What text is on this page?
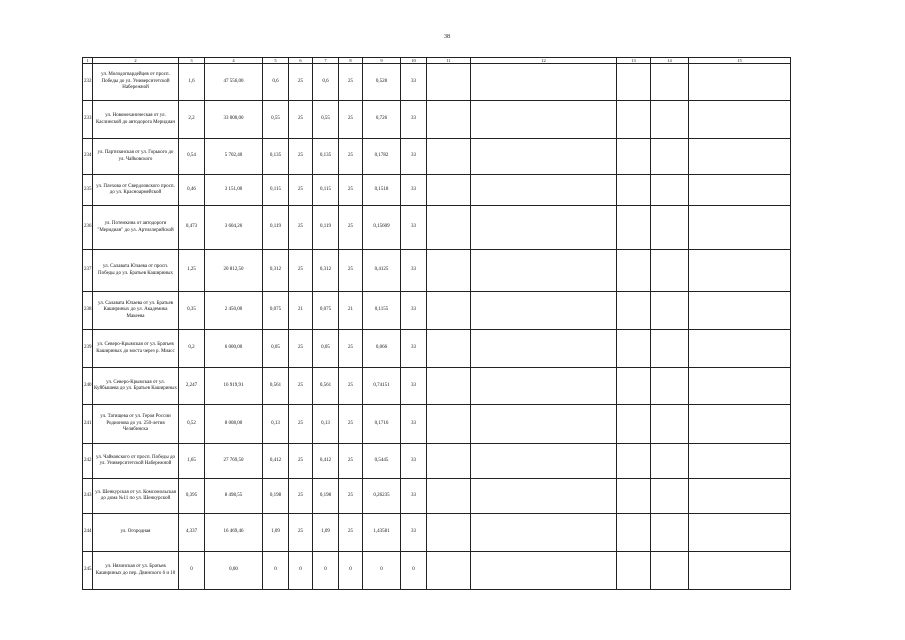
38
1	2	3	4	5	6	7	8	9	10	11	12	13	14	15
232	ул. Молодогвардейцев от просп. Победы до ул. Университетской Набережной	1,6	47 556,00	0,6	25	0,6	25	0,528	33					
233	ул. Новомеханическая от ул. Каслинской до автодорога Меридиан	2,2	33 000,00	0,55	25	0,55	25	0,726	33					
234	ул. Партизанская от ул. Горького до ул. Чайковского	0,54	5 702,40	0,135	25	0,135	25	0,1782	33					
235	ул. Плехова от Свердловского просп. до ул. Красноармейской	0,46	3 151,00	0,115	25	0,115	25	0,1518	33					
236	ул. Потемкина от автодороги "Меридиан" до ул. Артиллерийской	0,473	3 604,26	0,119	25	0,119	25	0,15609	33					
237	ул. Салавата Юлаева от просп. Победы до ул. Братьев Кашириных	1,25	20 812,50	0,312	25	0,312	25	0,4125	33					
238	ул. Салавата Юлаева от ул. Братьев Кашириных до ул. Академика Макеева	0,35	2 450,00	0,075	21	0,075	21	0,1155	33					
239	ул. Северо-Крымская от ул. Братьев Кашириных до моста через р. Миасс	0,2	6 000,00	0,05	25	0,05	25	0,066	33					
240	ул. Северо-Крымская от ул. Куйбышева до ул. Братьев Кашириных	2,247	16 919,91	0,561	25	0,561	25	0,74151	33					
241	ул. Татищева от ул. Героя России Родионова до ул. 250-летия Челябинска	0,52	8 008,00	0,13	25	0,13	25	0,1716	33					
242	ул. Чайковского от просп. Победы до ул. Университетской Набережной	1,65	27 769,50	0,412	25	0,412	25	0,5445	33					
243	ул. Шенкурская от ул. Комсомольская до дома №11 по ул. Шенкурской	0,395	8 498,55	0,198	25	0,198	25	0,26235	33					
244	ул. Огородная	4,337	16 469,46	1,09	25	1,09	25	1,43581	33					
245	ул. Нязинская от ул. Братьев Кашириных до пер. Двинского 6 и 10	0	0,00	0	0	0	0	0	0					
